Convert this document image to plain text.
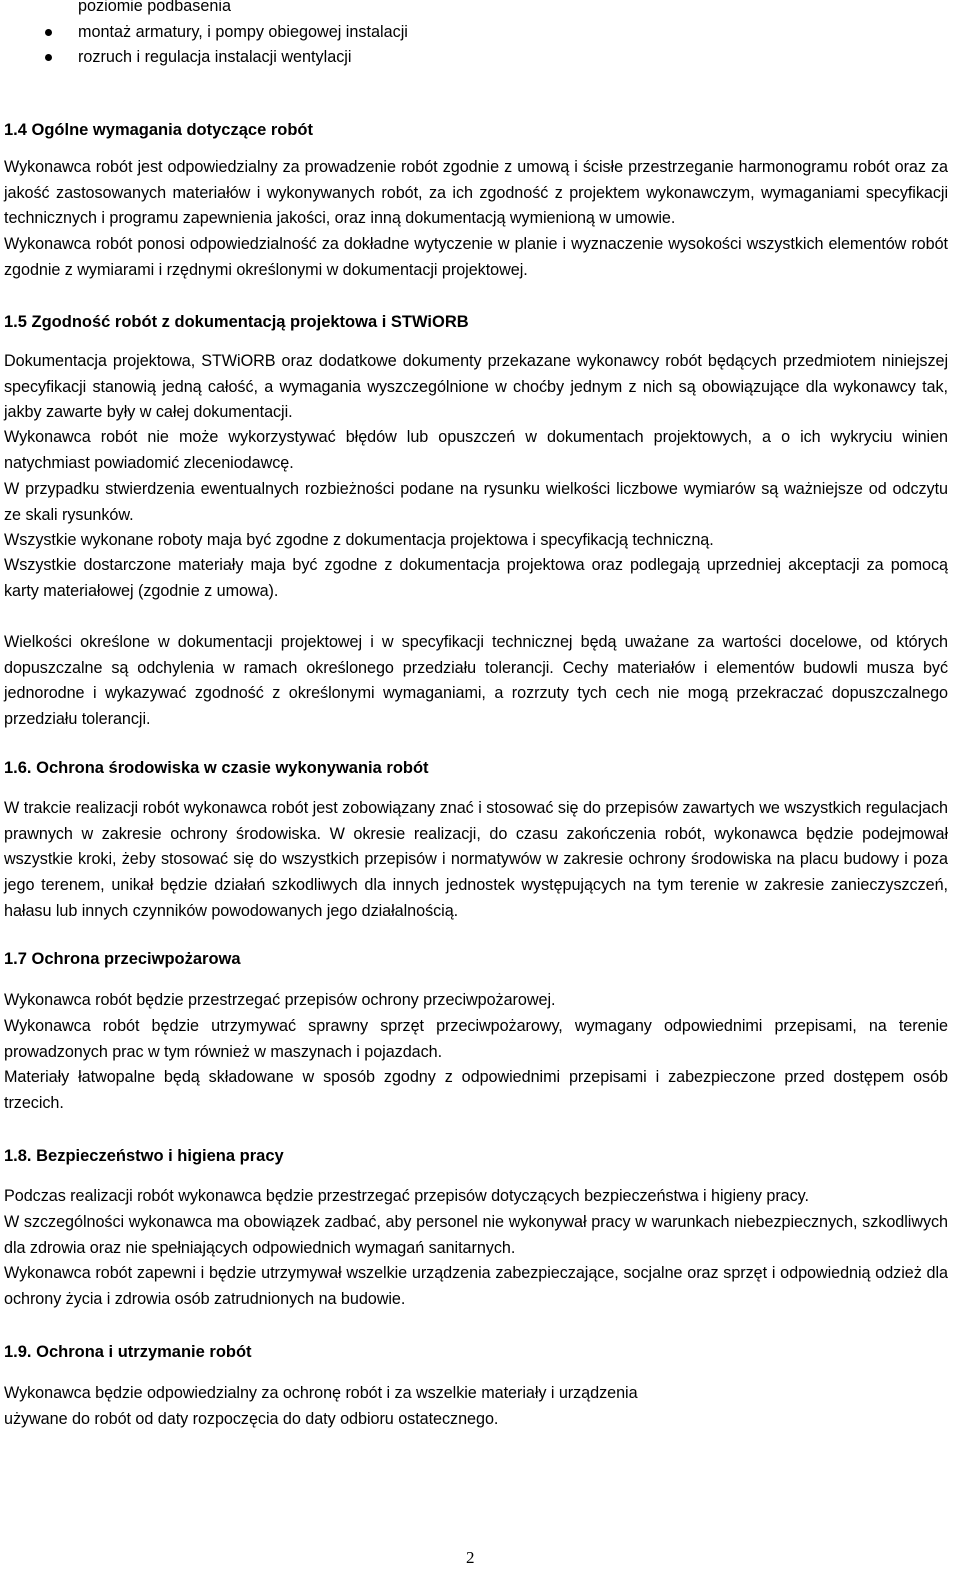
poziomie podbasenia
montaż armatury, i pompy obiegowej instalacji
rozruch i regulacja instalacji wentylacji

1.4 Ogólne wymagania dotyczące robót

Wykonawca robót jest odpowiedzialny za prowadzenie robót zgodnie z umową i ścisłe przestrzeganie harmonogramu robót oraz za jakość zastosowanych materiałów i wykonywanych robót, za ich zgodność z projektem wykonawczym, wymaganiami specyfikacji technicznych i programu zapewnienia jakości, oraz inną dokumentacją wymienioną w umowie.

Wykonawca robót ponosi odpowiedzialność za dokładne wytyczenie w planie i wyznaczenie wysokości wszystkich elementów robót zgodnie z wymiarami i rzędnymi określonymi w dokumentacji projektowej.

1.5 Zgodność robót z dokumentacją projektowa i STWiORB

Dokumentacja projektowa, STWiORB oraz dodatkowe dokumenty przekazane wykonawcy robót będących przedmiotem niniejszej specyfikacji stanowią jedną całość, a wymagania wyszczególnione w choćby jednym z nich są obowiązujące dla wykonawcy tak, jakby zawarte były w całej dokumentacji.

Wykonawca robót nie może wykorzystywać błędów lub opuszczeń w dokumentach projektowych, a o ich wykryciu winien natychmiast powiadomić zleceniodawcę.

W przypadku stwierdzenia ewentualnych rozbieżności podane na rysunku wielkości liczbowe wymiarów są ważniejsze od odczytu ze skali rysunków.

Wszystkie wykonane roboty maja być zgodne z dokumentacja projektowa i specyfikacją techniczną.

Wszystkie dostarczone materiały maja być zgodne z dokumentacja projektowa oraz podlegają uprzedniej akceptacji za pomocą karty materiałowej (zgodnie z umowa).

Wielkości określone w dokumentacji projektowej i w specyfikacji technicznej będą uważane za wartości docelowe, od których dopuszczalne są odchylenia w ramach określonego przedziału tolerancji. Cechy materiałów i elementów budowli musza być jednorodne i wykazywać zgodność z określonymi wymaganiami, a rozrzuty tych cech nie mogą przekraczać dopuszczalnego przedziału tolerancji.

1.6. Ochrona środowiska w czasie wykonywania robót

W trakcie realizacji robót wykonawca robót jest zobowiązany znać i stosować się do przepisów zawartych we wszystkich regulacjach prawnych w zakresie ochrony środowiska. W okresie realizacji, do czasu zakończenia robót, wykonawca będzie podejmował wszystkie kroki, żeby stosować się do wszystkich przepisów i normatywów w zakresie ochrony środowiska na placu budowy i poza jego terenem, unikał będzie działań szkodliwych dla innych jednostek występujących na tym terenie w zakresie zanieczyszczeń, hałasu lub innych czynników powodowanych jego działalnością.

1.7 Ochrona przeciwpożarowa

Wykonawca robót będzie przestrzegać przepisów ochrony przeciwpożarowej.

Wykonawca robót będzie utrzymywać sprawny sprzęt przeciwpożarowy, wymagany odpowiednimi przepisami, na terenie prowadzonych prac w tym również w maszynach i pojazdach.

Materiały łatwopalne będą składowane w sposób zgodny z odpowiednimi przepisami i zabezpieczone przed dostępem osób trzecich.

1.8. Bezpieczeństwo i higiena pracy

Podczas realizacji robót wykonawca będzie przestrzegać przepisów dotyczących bezpieczeństwa i higieny pracy.

W szczególności wykonawca ma obowiązek zadbać, aby personel nie wykonywał pracy w warunkach niebezpiecznych, szkodliwych dla zdrowia oraz nie spełniających odpowiednich wymagań sanitarnych.

Wykonawca robót zapewni i będzie utrzymywał wszelkie urządzenia zabezpieczające, socjalne oraz sprzęt i odpowiednią odzież dla ochrony życia i zdrowia osób zatrudnionych na budowie.

1.9. Ochrona i utrzymanie robót

Wykonawca będzie odpowiedzialny za ochronę robót i za wszelkie materiały i urządzenia

używane do robót od daty rozpoczęcia do daty odbioru ostatecznego.

2
